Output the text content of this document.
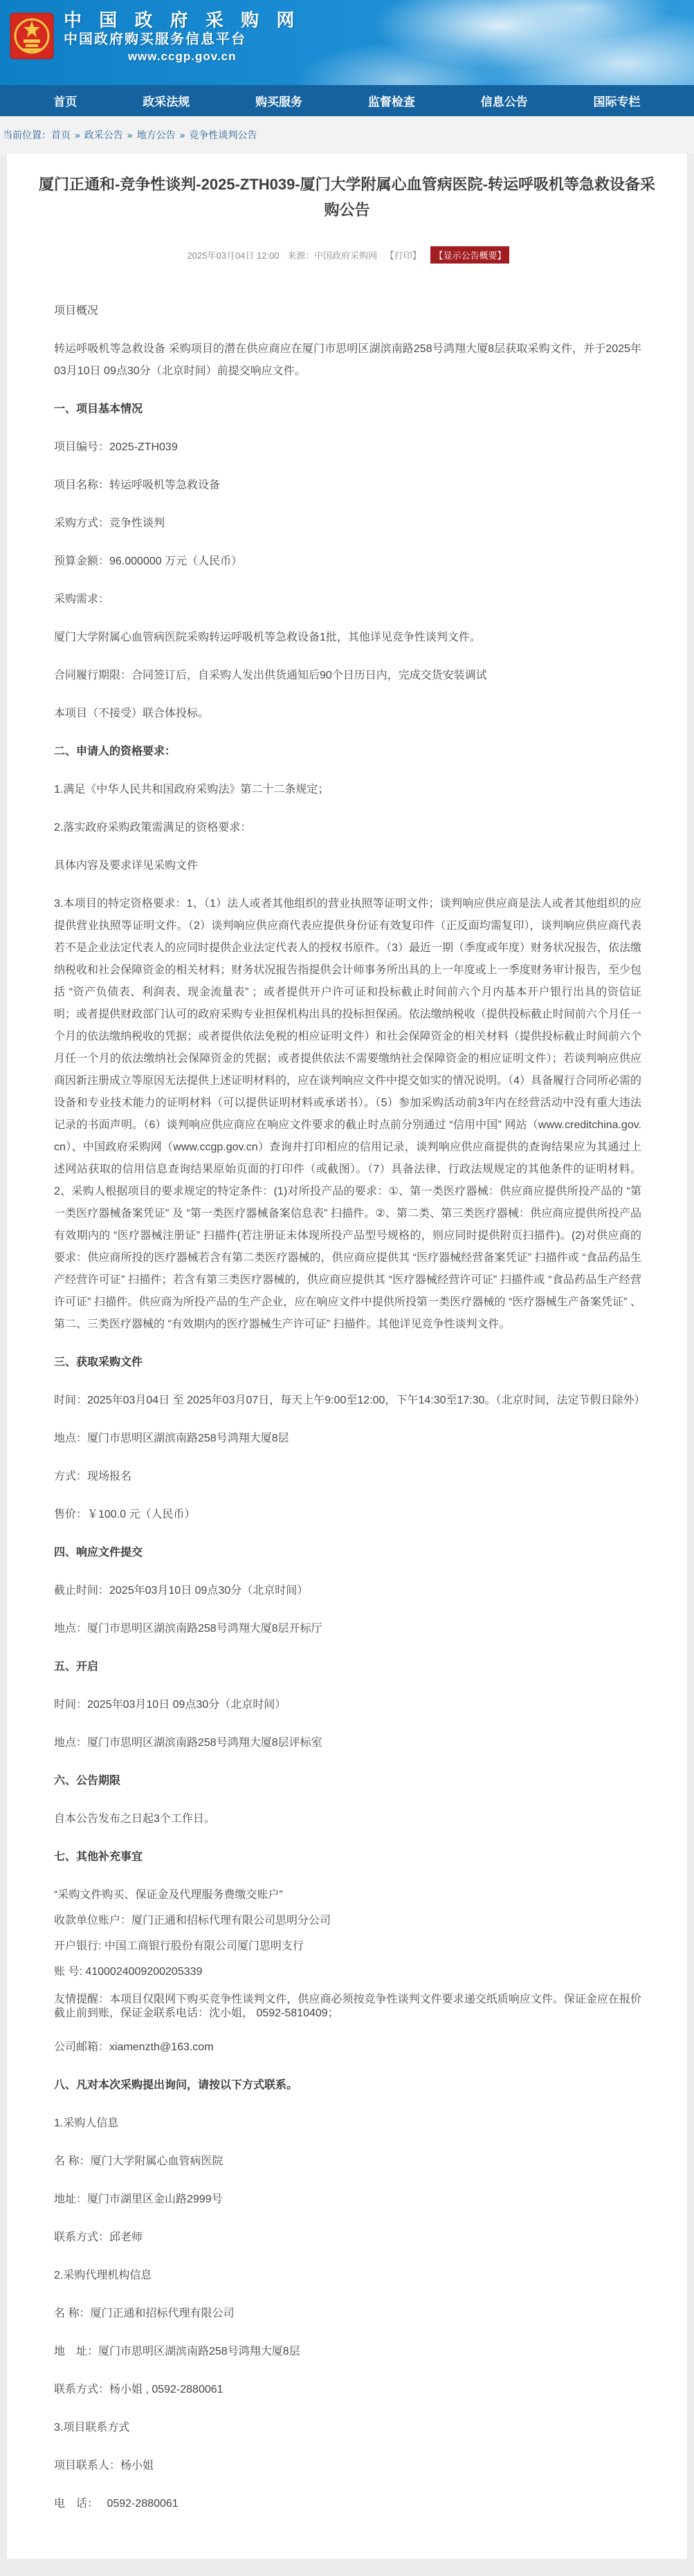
中 国 政 府 采 购 网
中国政府购买服务信息平台
www.ccgp.gov.cn
首页	政采法规	购买服务	监督检查	信息公告	国际专栏
当前位置： 首页 » 政采公告 » 地方公告 » 竞争性谈判公告
厦门正通和-竞争性谈判-2025-ZTH039-厦门大学附属心血管病医院-转运呼吸机等急救设备采购公告
2025年03月04日 12:00 来源：中国政府采购网 【打印】 【显示公告概要】

项目概况

转运呼吸机等急救设备 采购项目的潜在供应商应在厦门市思明区湖滨南路258号鸿翔大厦8层获取采购文件，并于2025年03月10日 09点30分（北京时间）前提交响应文件。

一、项目基本情况

项目编号：2025-ZTH039

项目名称：转运呼吸机等急救设备

采购方式：竞争性谈判

预算金额：96.000000 万元（人民币）

采购需求：

厦门大学附属心血管病医院采购转运呼吸机等急救设备1批，其他详见竞争性谈判文件。

合同履行期限：合同签订后，自采购人发出供货通知后90个日历日内，完成交货安装调试

本项目（不接受）联合体投标。

二、申请人的资格要求：

1.满足《中华人民共和国政府采购法》第二十二条规定；

2.落实政府采购政策需满足的资格要求：

具体内容及要求详见采购文件

3.本项目的特定资格要求：1、（1）法人或者其他组织的营业执照等证明文件；谈判响应供应商是法人或者其他组织的应提供营业执照等证明文件。（2）谈判响应供应商代表应提供身份证有效复印件（正反面均需复印），谈判响应供应商代表若不是企业法定代表人的应同时提供企业法定代表人的授权书原件。（3）最近一期（季度或年度）财务状况报告，依法缴纳税收和社会保障资金的相关材料；财务状况报告指提供会计师事务所出具的上一年度或上一季度财务审计报告，至少包括 “资产负债表、利润表、现金流量表” ；或者提供开户许可证和投标截止时间前六个月内基本开户银行出具的资信证明；或者提供财政部门认可的政府采购专业担保机构出具的投标担保函。依法缴纳税收（提供投标截止时间前六个月任一个月的依法缴纳税收的凭据；或者提供依法免税的相应证明文件）和社会保障资金的相关材料（提供投标截止时间前六个月任一个月的依法缴纳社会保障资金的凭据；或者提供依法不需要缴纳社会保障资金的相应证明文件）；若谈判响应供应商因新注册成立等原因无法提供上述证明材料的，应在谈判响应文件中提交如实的情况说明。（4）具备履行合同所必需的设备和专业技术能力的证明材料（可以提供证明材料或承诺书）。（5）参加采购活动前3年内在经营活动中没有重大违法记录的书面声明。（6）谈判响应供应商应在响应文件要求的截止时点前分别通过 “信用中国” 网站（www.creditchina.gov.cn）、中国政府采购网（www.ccgp.gov.cn）查询并打印相应的信用记录，谈判响应供应商提供的查询结果应为其通过上述网站获取的信用信息查询结果原始页面的打印件（或截图）。（7）具备法律、行政法规规定的其他条件的证明材料。2、采购人根据项目的要求规定的特定条件：(1)对所投产品的要求：①、第一类医疗器械：供应商应提供所投产品的 “第一类医疗器械备案凭证” 及 “第一类医疗器械备案信息表” 扫描件。②、第二类、第三类医疗器械：供应商应提供所投产品有效期内的 “医疗器械注册证” 扫描件(若注册证未体现所投产品型号规格的，则应同时提供附页扫描件)。(2)对供应商的要求：供应商所投的医疗器械若含有第二类医疗器械的，供应商应提供其 “医疗器械经营备案凭证” 扫描件或 “食品药品生产经营许可证” 扫描件；若含有第三类医疗器械的，供应商应提供其 “医疗器械经营许可证” 扫描件或 “食品药品生产经营许可证” 扫描件。供应商为所投产品的生产企业，应在响应文件中提供所投第一类医疗器械的 “医疗器械生产备案凭证” 、第二、三类医疗器械的 “有效期内的医疗器械生产许可证” 扫描件。其他详见竞争性谈判文件。

三、获取采购文件

时间：2025年03月04日 至 2025年03月07日，每天上午9:00至12:00，下午14:30至17:30。（北京时间，法定节假日除外）

地点：厦门市思明区湖滨南路258号鸿翔大厦8层

方式：现场报名

售价：￥100.0 元（人民币）

四、响应文件提交

截止时间：2025年03月10日 09点30分（北京时间）

地点：厦门市思明区湖滨南路258号鸿翔大厦8层开标厅

五、开启

时间：2025年03月10日 09点30分（北京时间）

地点：厦门市思明区湖滨南路258号鸿翔大厦8层评标室

六、公告期限

自本公告发布之日起3个工作日。

七、其他补充事宜

“采购文件购买、保证金及代理服务费缴交账户”

收款单位账户：厦门正通和招标代理有限公司思明分公司

开户银行: 中国工商银行股份有限公司厦门思明支行

账 号: 4100024009200205339

友情提醒：本项目仅限网下购买竞争性谈判文件，供应商必须按竞争性谈判文件要求递交纸质响应文件。保证金应在报价截止前到账，保证金联系电话：沈小姐， 0592-5810409；

公司邮箱：xiamenzth@163.com

八、凡对本次采购提出询问，请按以下方式联系。

1.采购人信息

名 称：厦门大学附属心血管病医院

地址：厦门市湖里区金山路2999号

联系方式：邱老师

2.采购代理机构信息

名 称：厦门正通和招标代理有限公司

地　址：厦门市思明区湖滨南路258号鸿翔大厦8层

联系方式：杨小姐 , 0592-2880061

3.项目联系方式

项目联系人：杨小姐

电　话：　 0592-2880061
